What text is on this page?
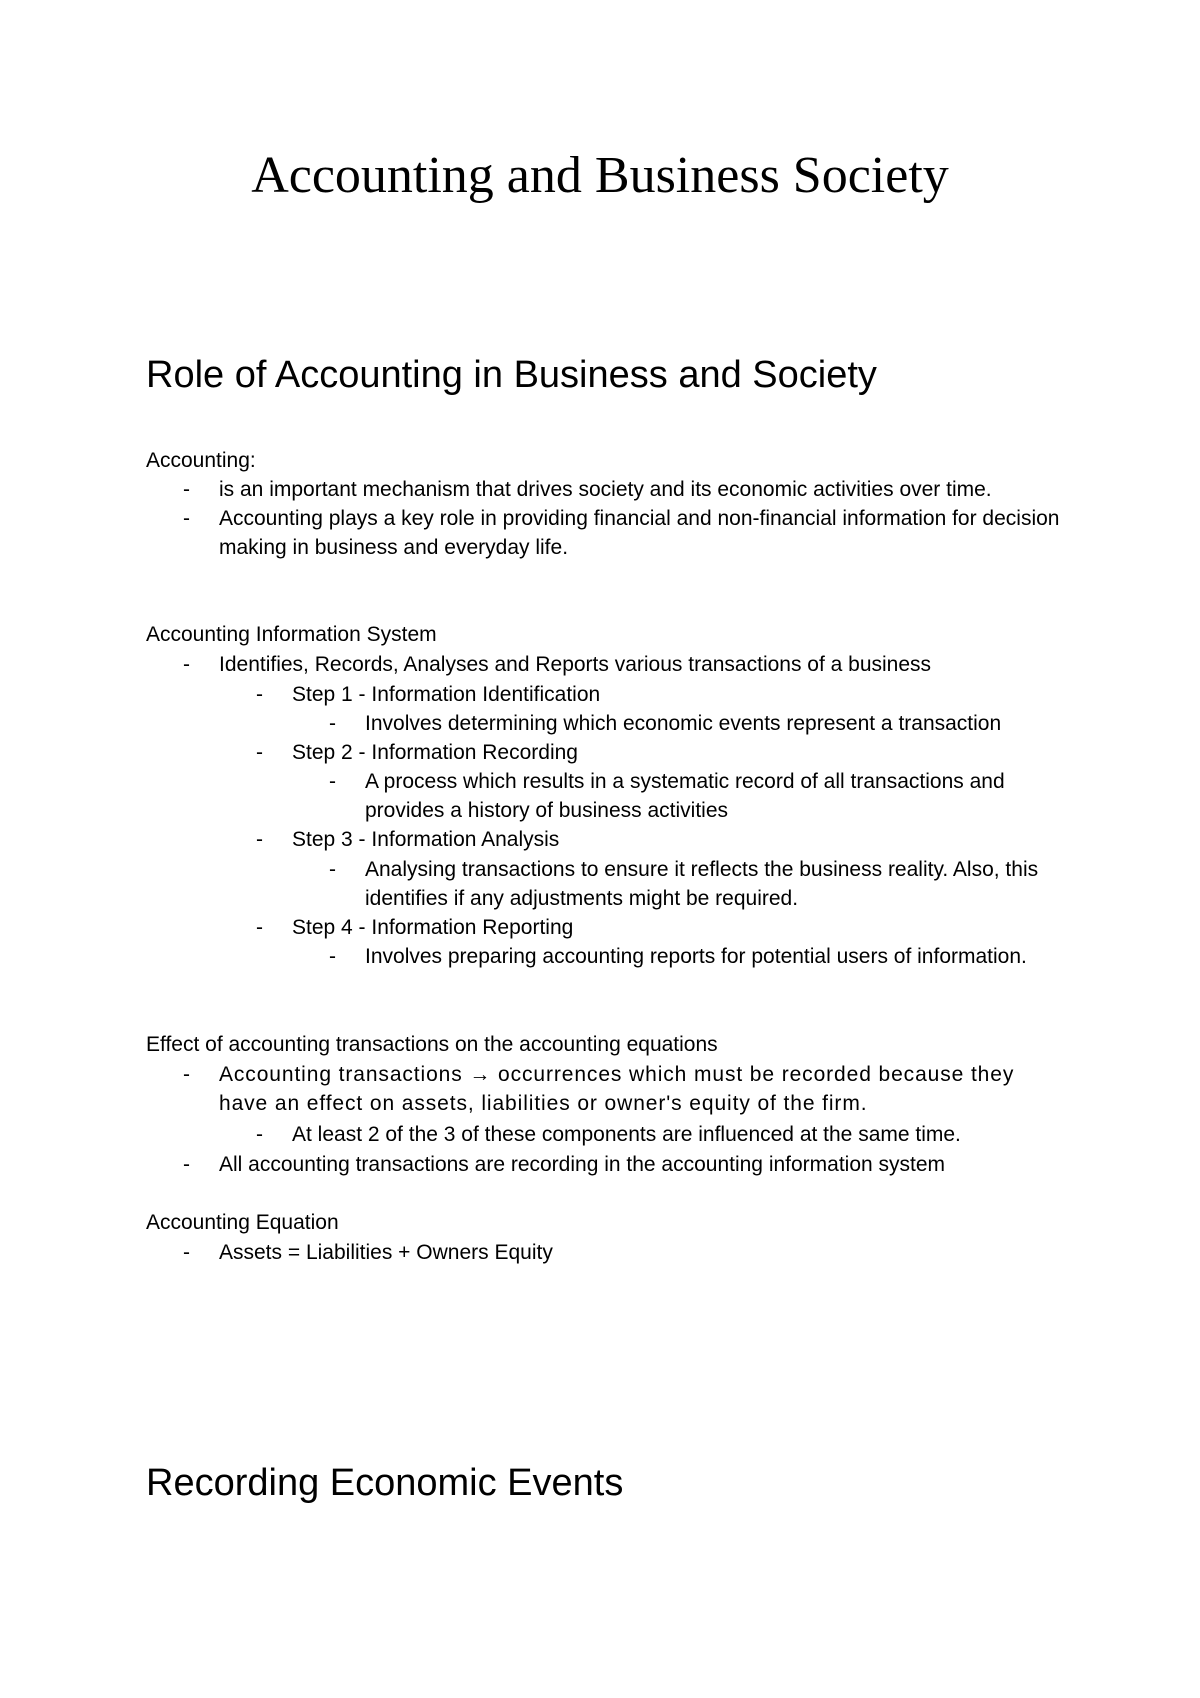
Accounting and Business Society
Role of Accounting in Business and Society

Accounting:

- is an important mechanism that drives society and its economic activities over time.
- Accounting plays a key role in providing financial and non-financial information for decision making in business and everyday life.

Accounting Information System

- Identifies, Records, Analyses and Reports various transactions of a business
- Step 1 - Information Identification
- Involves determining which economic events represent a transaction
- Step 2 - Information Recording
- A process which results in a systematic record of all transactions and provides a history of business activities
- Step 3 - Information Analysis
- Analysing transactions to ensure it reflects the business reality. Also, this identifies if any adjustments might be required.
- Step 4 - Information Reporting
- Involves preparing accounting reports for potential users of information.

Effect of accounting transactions on the accounting equations

- Accounting transactions → occurrences which must be recorded because they have an effect on assets, liabilities or owner's equity of the firm.
- At least 2 of the 3 of these components are influenced at the same time.
- All accounting transactions are recording in the accounting information system

Accounting Equation

- Assets = Liabilities + Owners Equity
Recording Economic Events
